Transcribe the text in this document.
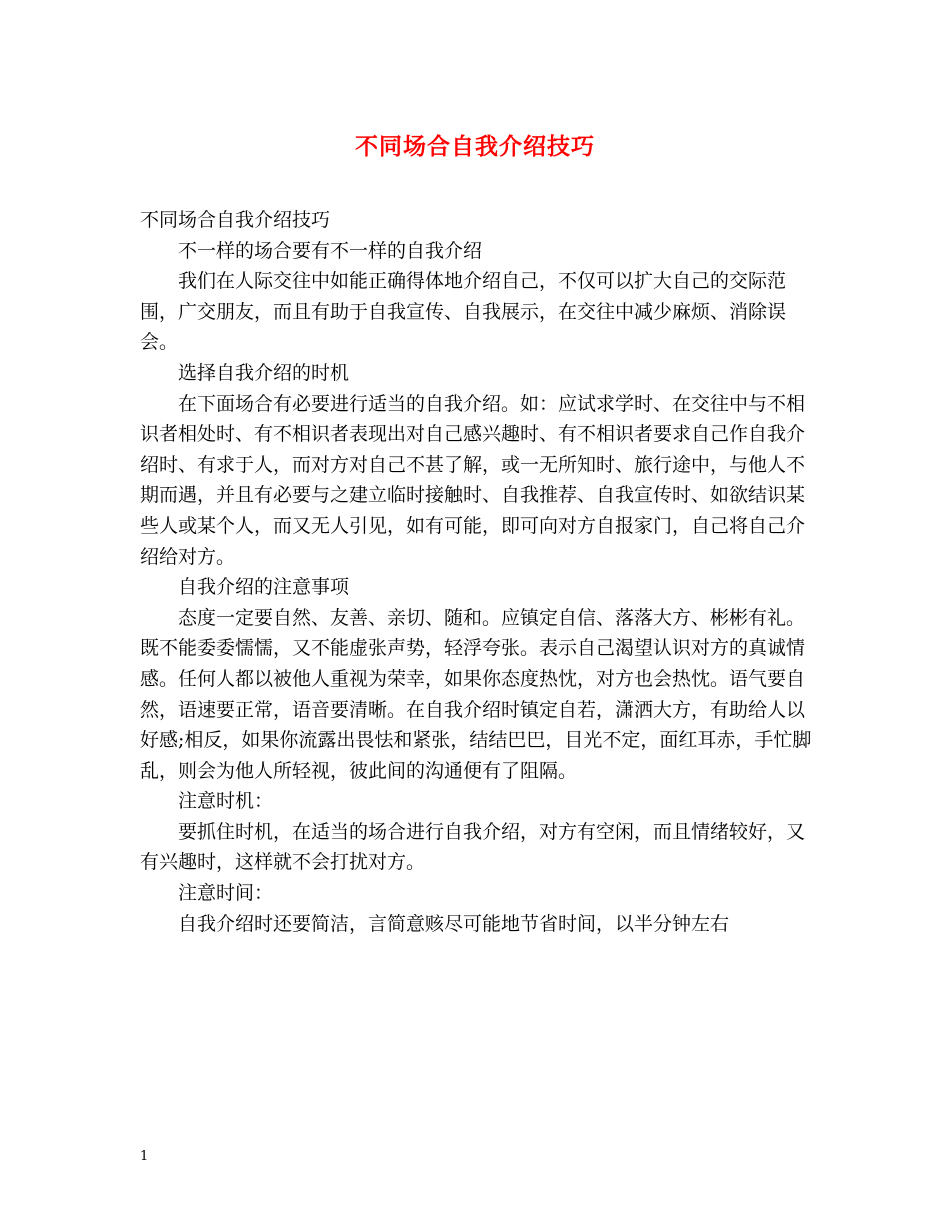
不同场合自我介绍技巧

不同场合自我介绍技巧

不一样的场合要有不一样的自我介绍

我们在人际交往中如能正确得体地介绍自己，不仅可以扩大自己的交际范围，广交朋友，而且有助于自我宣传、自我展示，在交往中减少麻烦、消除误会。

选择自我介绍的时机

在下面场合有必要进行适当的自我介绍。如：应试求学时、在交往中与不相识者相处时、有不相识者表现出对自己感兴趣时、有不相识者要求自己作自我介绍时、有求于人，而对方对自己不甚了解，或一无所知时、旅行途中，与他人不期而遇，并且有必要与之建立临时接触时、自我推荐、自我宣传时、如欲结识某些人或某个人，而又无人引见，如有可能，即可向对方自报家门，自己将自己介绍给对方。

自我介绍的注意事项

态度一定要自然、友善、亲切、随和。应镇定自信、落落大方、彬彬有礼。既不能委委懦懦，又不能虚张声势，轻浮夸张。表示自己渴望认识对方的真诚情感。任何人都以被他人重视为荣幸，如果你态度热忱，对方也会热忱。语气要自然，语速要正常，语音要清晰。在自我介绍时镇定自若，潇洒大方，有助给人以好感;相反，如果你流露出畏怯和紧张，结结巴巴，目光不定，面红耳赤，手忙脚乱，则会为他人所轻视，彼此间的沟通便有了阻隔。

注意时机：

要抓住时机，在适当的场合进行自我介绍，对方有空闲，而且情绪较好，又有兴趣时，这样就不会打扰对方。

注意时间：

自我介绍时还要简洁，言简意赅尽可能地节省时间，以半分钟左右

1
